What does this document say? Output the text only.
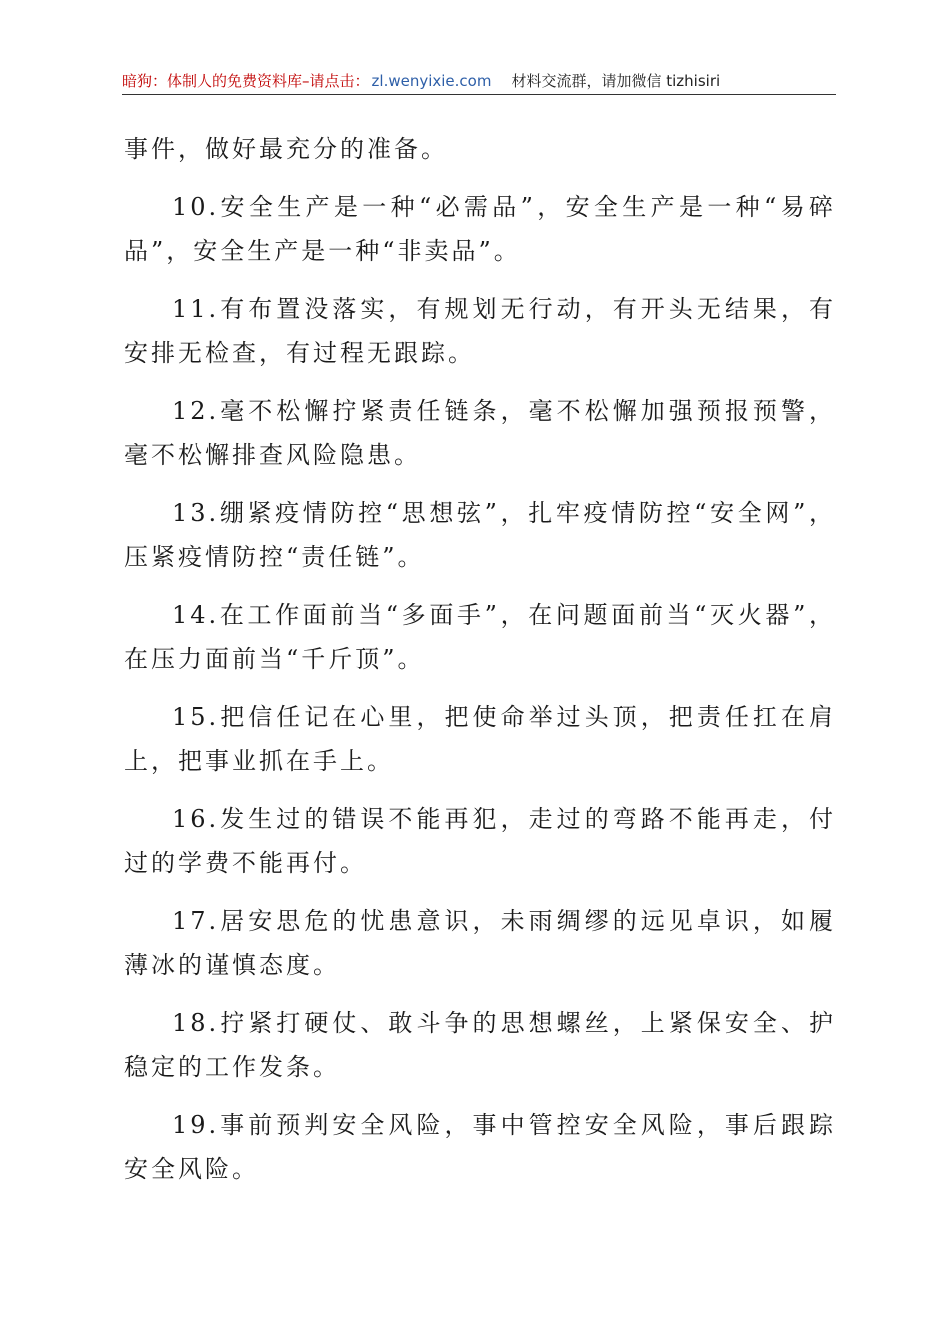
暗狗：体制人的免费资料库–请点击： zl.wenyixie.com 材料交流群，请加微信 tizhisiri

事件，做好最充分的准备。

10.安全生产是一种“必需品”，安全生产是一种“易碎品”，安全生产是一种“非卖品”。

11.有布置没落实，有规划无行动，有开头无结果，有安排无检查，有过程无跟踪。

12.毫不松懈拧紧责任链条，毫不松懈加强预报预警，毫不松懈排查风险隐患。

13.绷紧疫情防控“思想弦”，扎牢疫情防控“安全网”，压紧疫情防控“责任链”。

14.在工作面前当“多面手”，在问题面前当“灭火器”，在压力面前当“千斤顶”。

15.把信任记在心里，把使命举过头顶，把责任扛在肩上，把事业抓在手上。

16.发生过的错误不能再犯，走过的弯路不能再走，付过的学费不能再付。

17.居安思危的忧患意识，未雨绸缪的远见卓识，如履薄冰的谨慎态度。

18.拧紧打硬仗、敢斗争的思想螺丝，上紧保安全、护稳定的工作发条。

19.事前预判安全风险，事中管控安全风险，事后跟踪安全风险。
